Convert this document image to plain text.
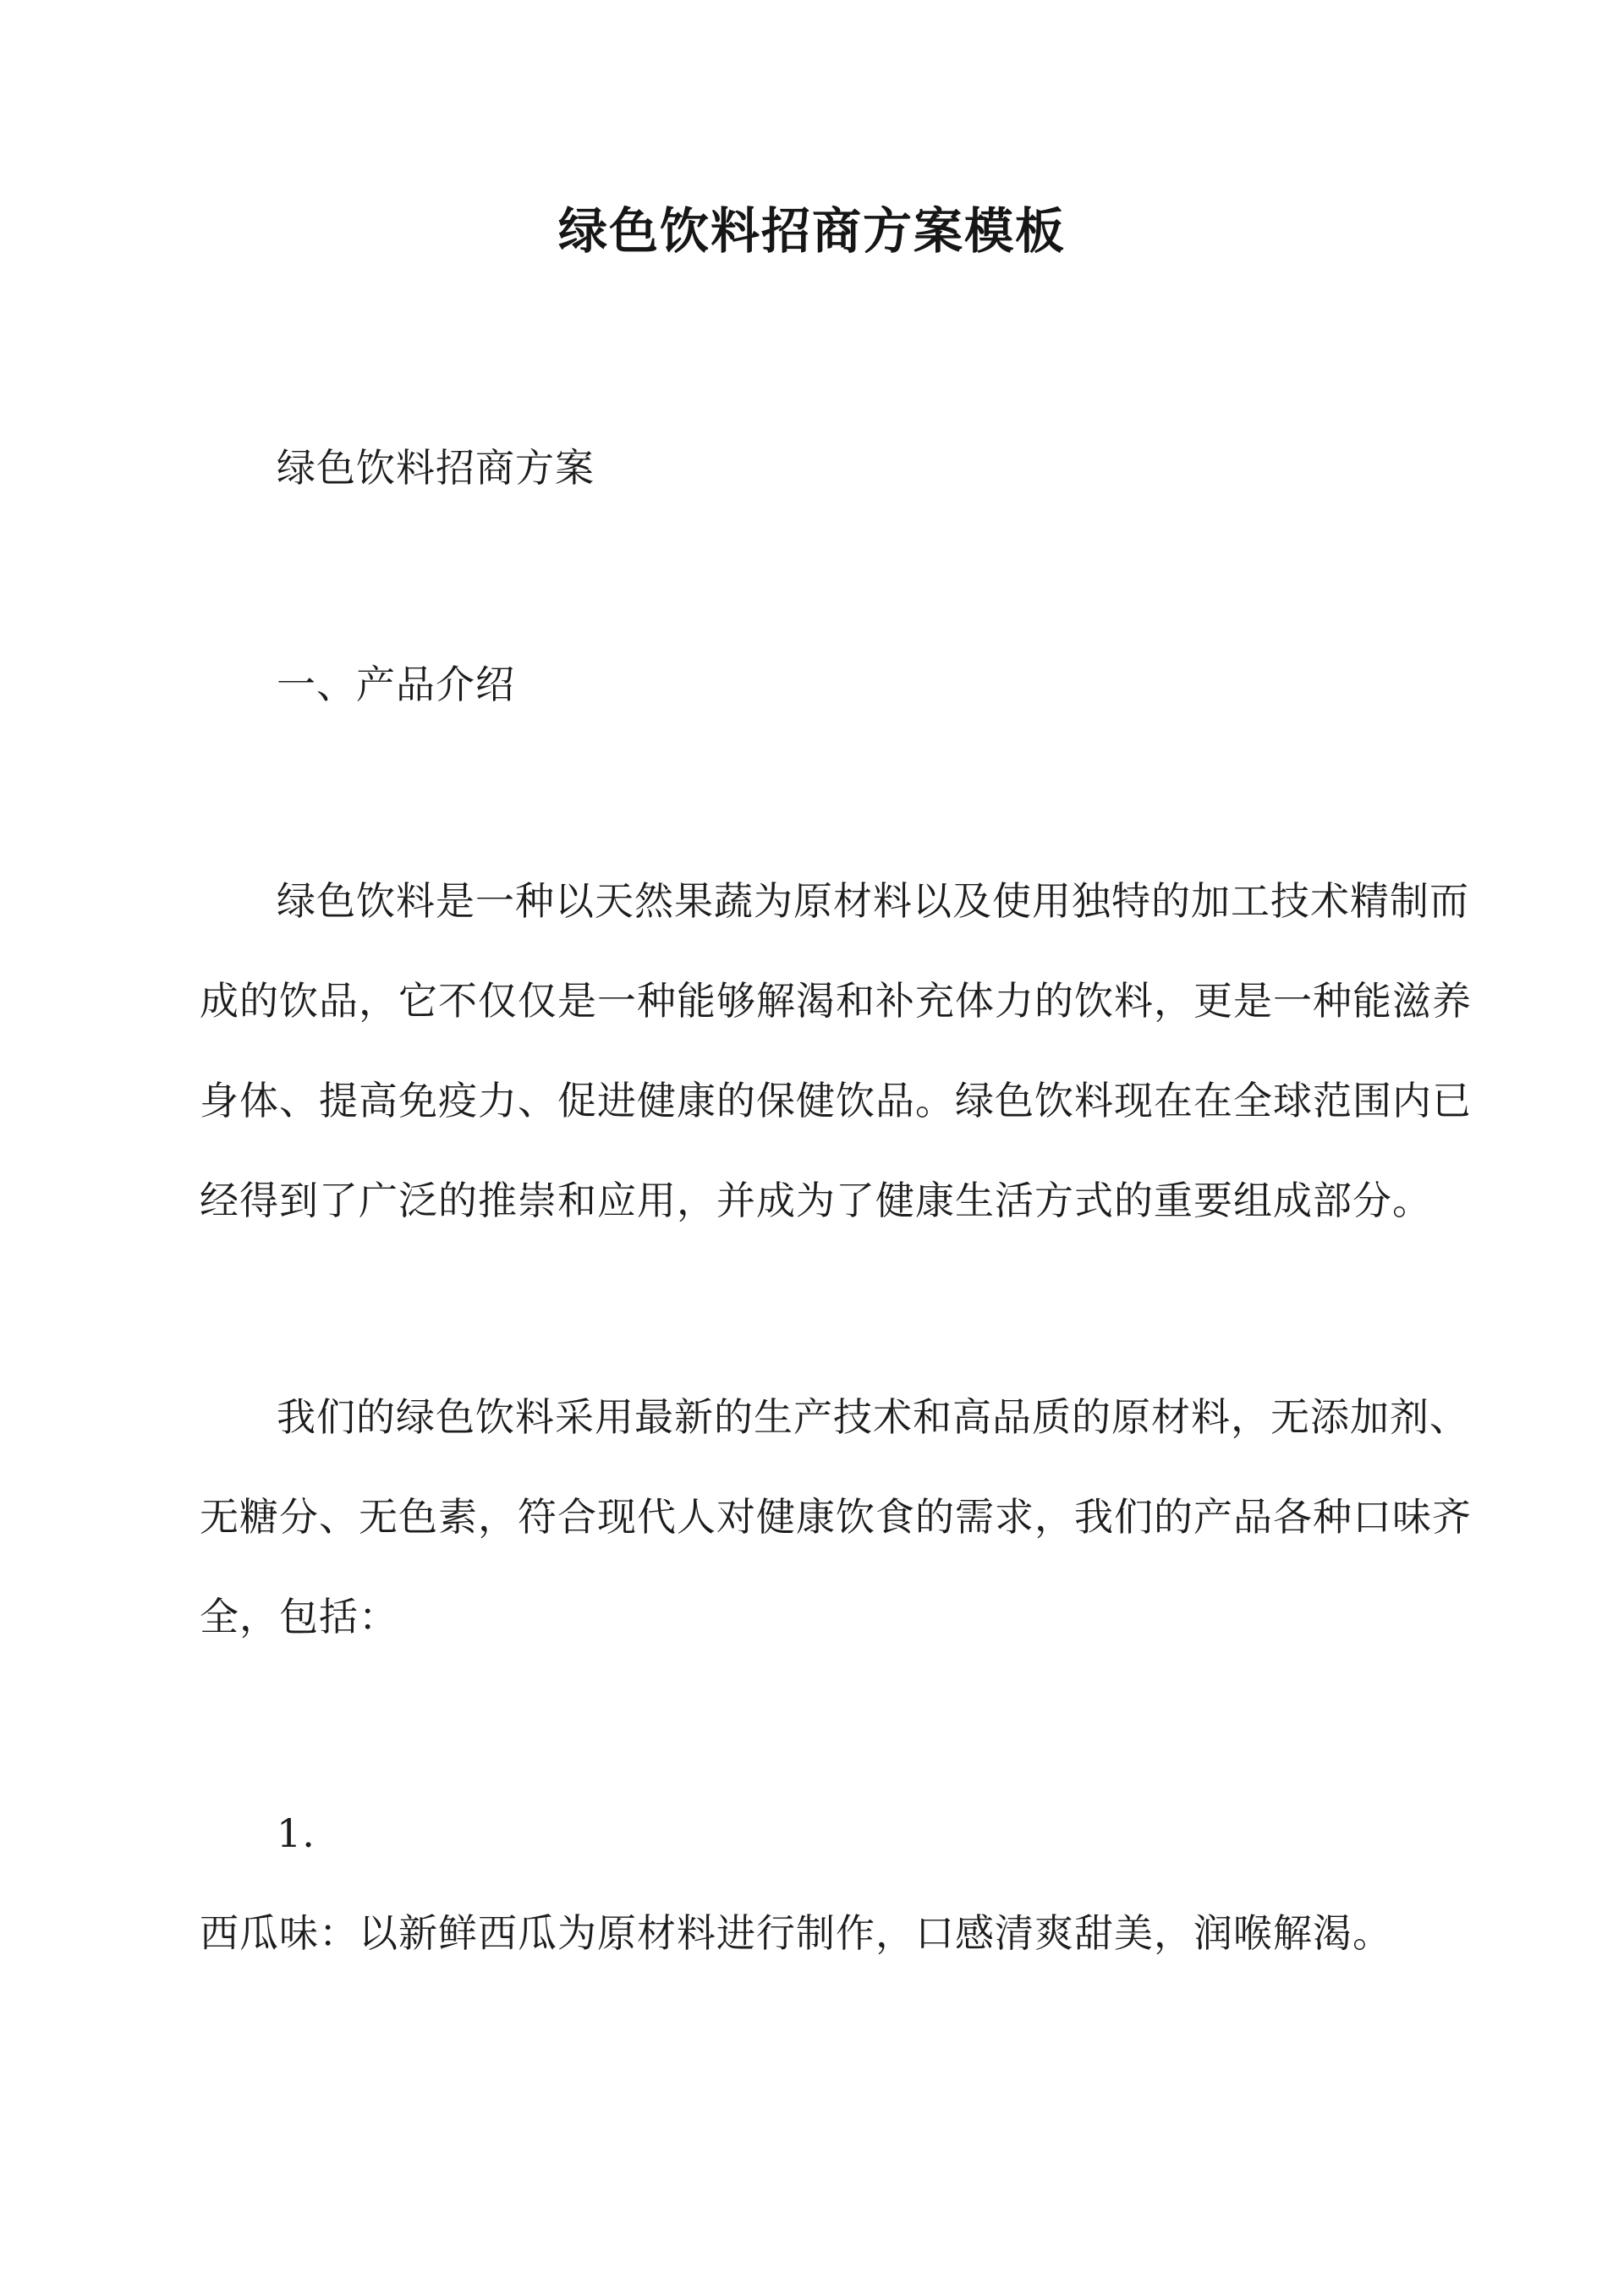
绿色饮料招商方案模板
绿色饮料招商方案
一、产品介绍
绿色饮料是一种以天然果蔬为原材料以及使用独特的加工技术精制而
成的饮品，它不仅仅是一种能够解渴和补充体力的饮料，更是一种能滋养
身体、提高免疫力、促进健康的保健饮品。绿色饮料现在在全球范围内已
经得到了广泛的推崇和应用，并成为了健康生活方式的重要组成部分。
我们的绿色饮料采用最新的生产技术和高品质的原材料，无添加剂、
无糖分、无色素，符合现代人对健康饮食的需求，我们的产品各种口味齐
全，包括：
1.
西瓜味：以新鲜西瓜为原材料进行制作，口感清爽甜美，润喉解渴。
